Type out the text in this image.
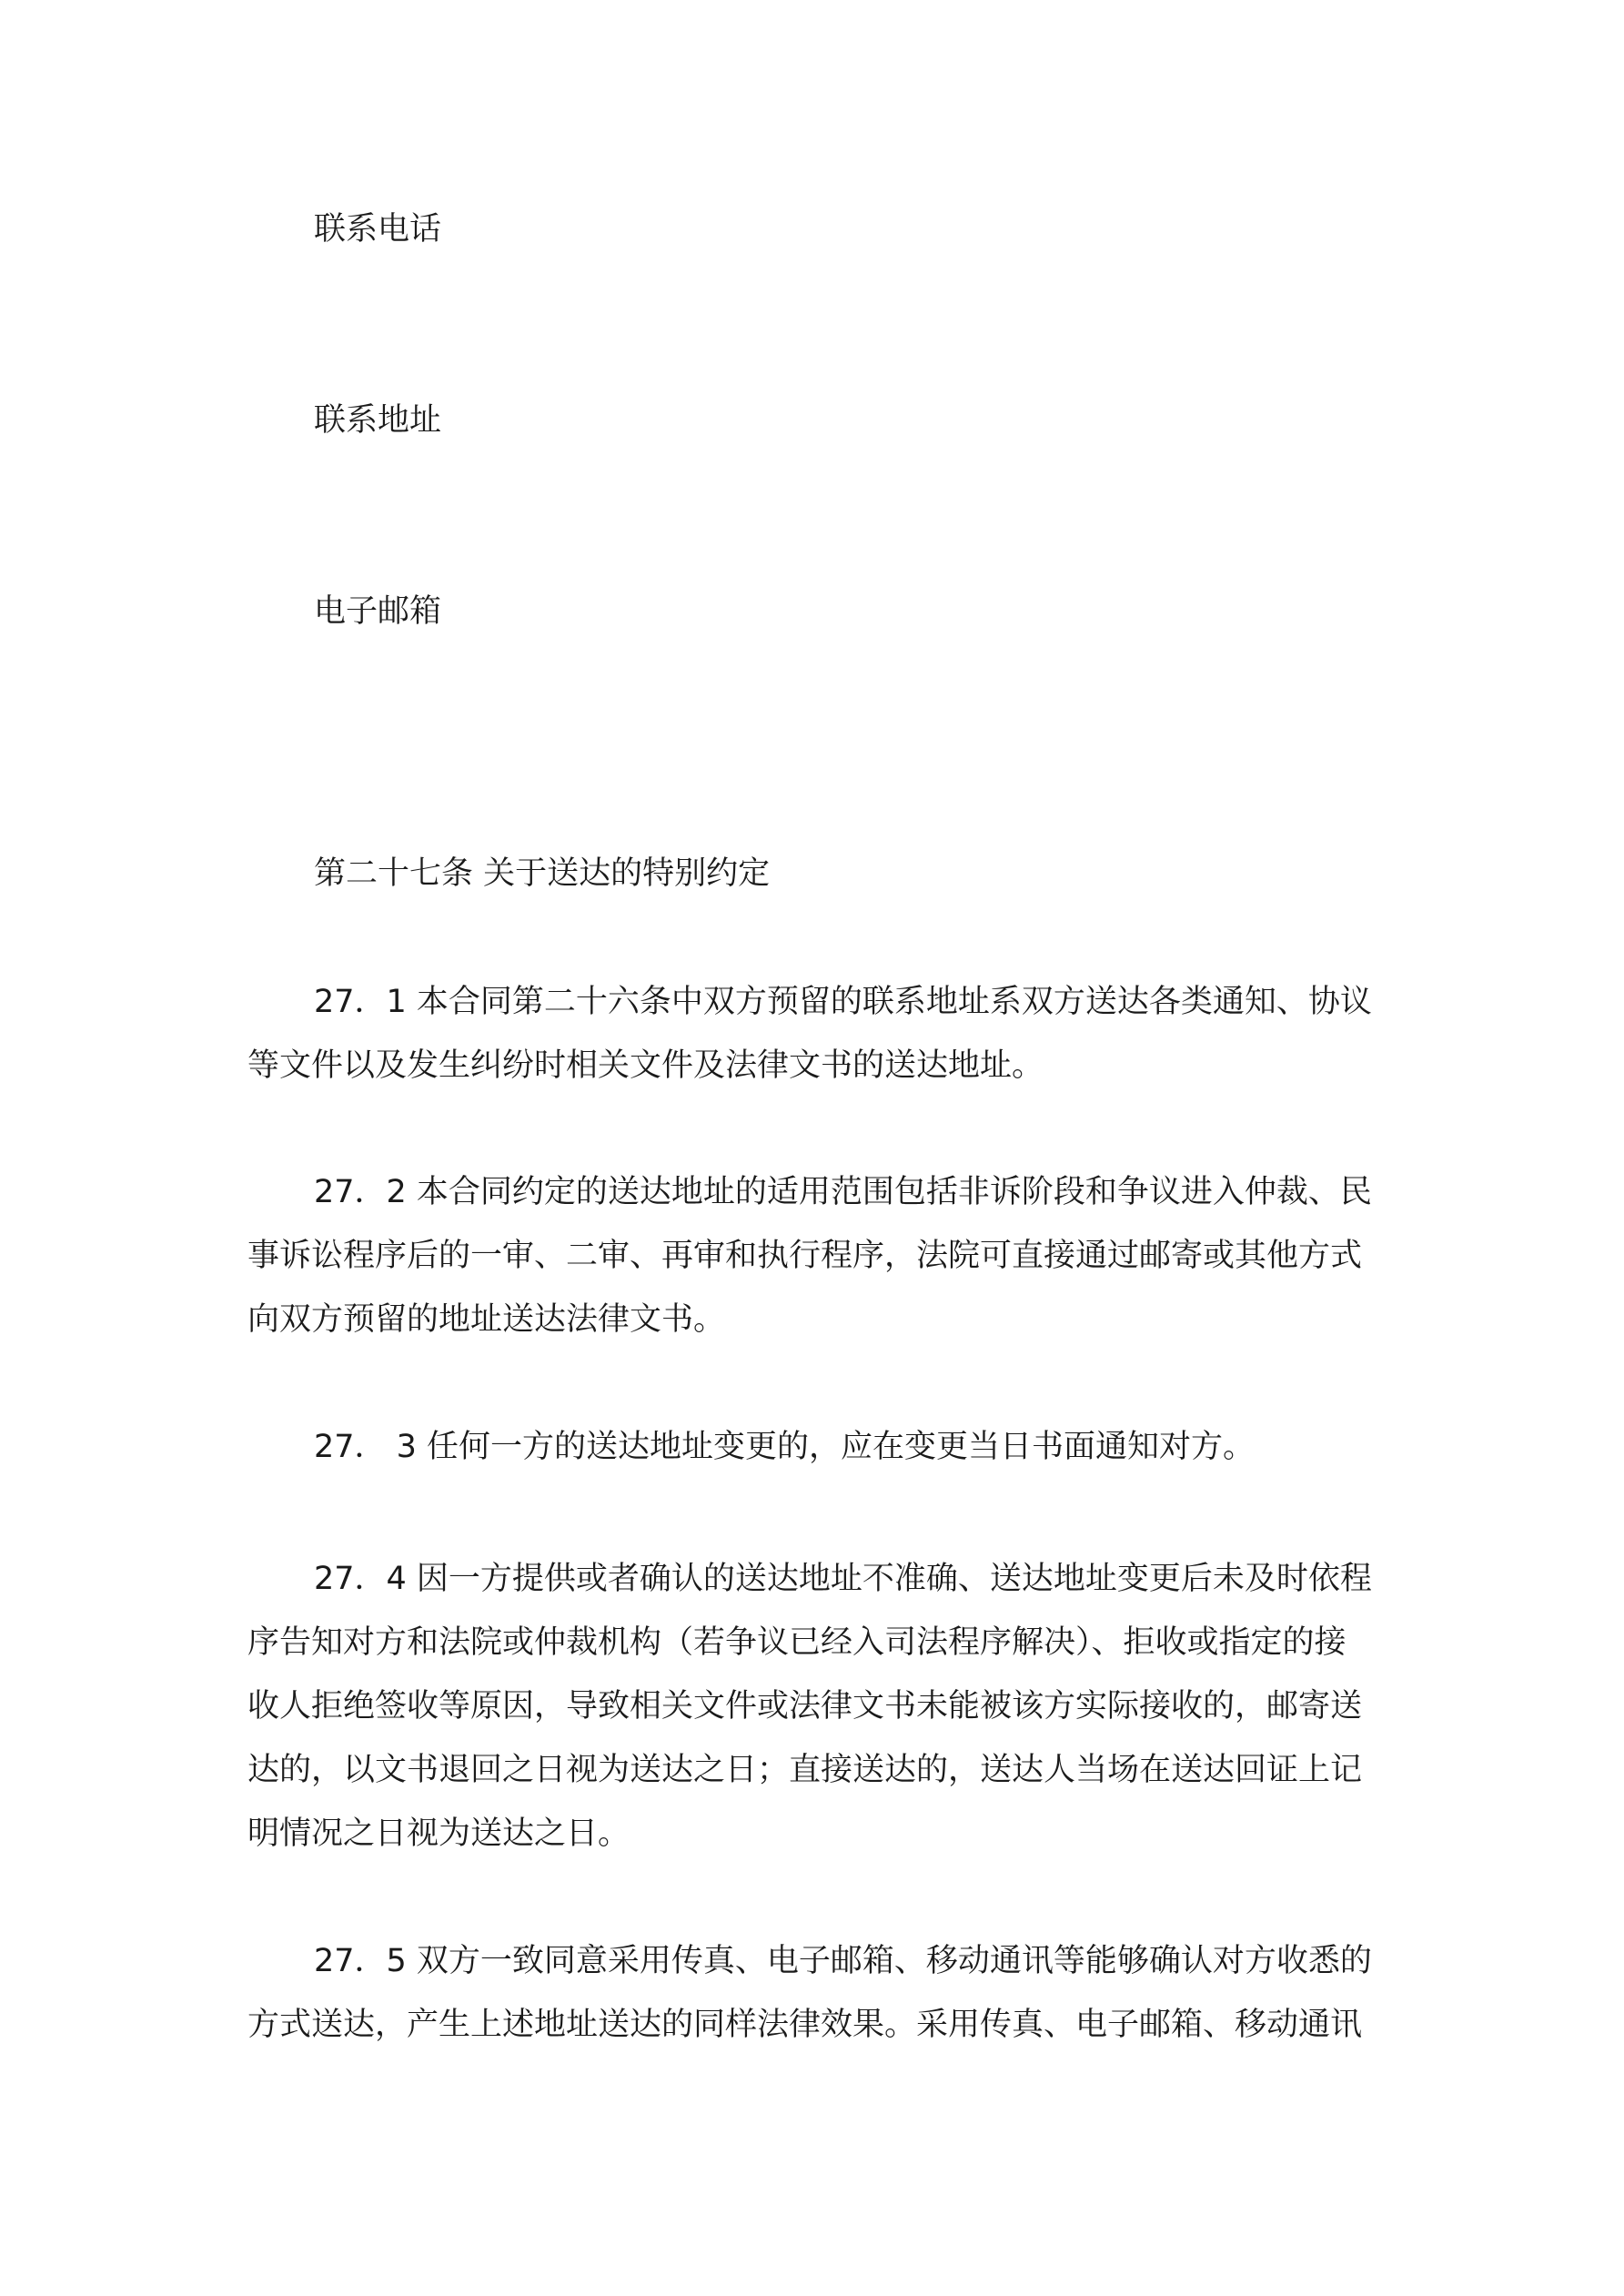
联系电话
联系地址
电子邮箱
第二十七条 关于送达的特别约定
27．1 本合同第二十六条中双方预留的联系地址系双方送达各类通知、协议
等文件以及发生纠纷时相关文件及法律文书的送达地址。
27．2 本合同约定的送达地址的适用范围包括非诉阶段和争议进入仲裁、民
事诉讼程序后的一审、二审、再审和执行程序，法院可直接通过邮寄或其他方式
向双方预留的地址送达法律文书。
27． 3 任何一方的送达地址变更的，应在变更当日书面通知对方。
27．4 因一方提供或者确认的送达地址不准确、送达地址变更后未及时依程
序告知对方和法院或仲裁机构（若争议已经入司法程序解决）、拒收或指定的接
收人拒绝签收等原因，导致相关文件或法律文书未能被该方实际接收的，邮寄送
达的，以文书退回之日视为送达之日；直接送达的，送达人当场在送达回证上记
明情况之日视为送达之日。
27．5 双方一致同意采用传真、电子邮箱、移动通讯等能够确认对方收悉的
方式送达，产生上述地址送达的同样法律效果。采用传真、电子邮箱、移动通讯
